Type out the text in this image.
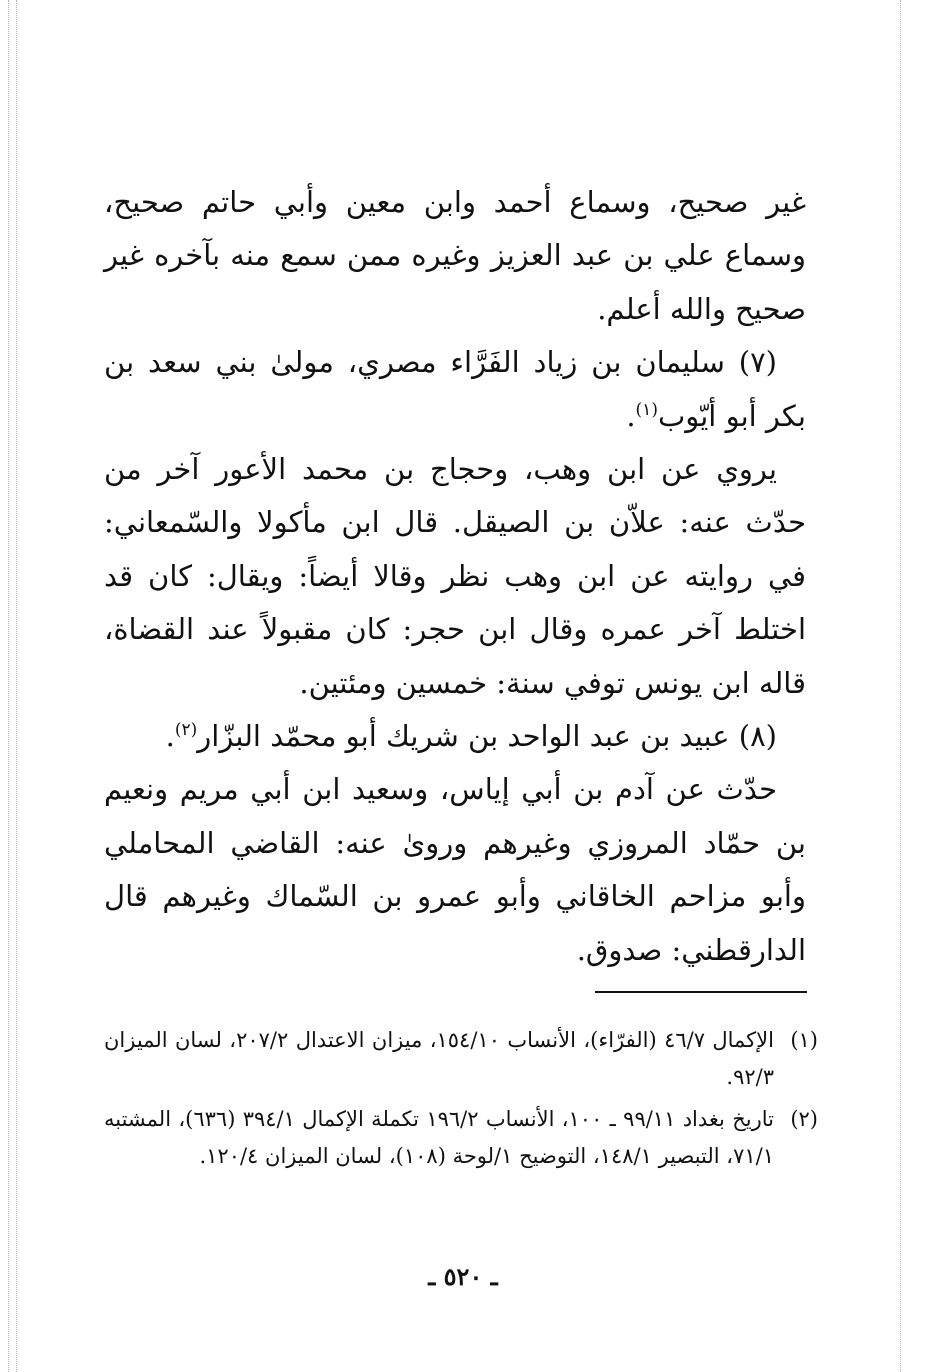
غير صحيح، وسماع أحمد وابن معين وأبي حاتم صحيح، وسماع علي بن عبد العزيز وغيره ممن سمع منه بآخره غير صحيح والله أعلم.

(٧) سليمان بن زياد الفَرَّاء مصري، مولىٰ بني سعد بن بكر أبو أيّوب$^{(١)}$.

يروي عن ابن وهب، وحجاج بن محمد الأعور آخر من حدّث عنه: علاّن بن الصيقل. قال ابن مأكولا والسّمعاني: في روايته عن ابن وهب نظر وقالا أيضاً: ويقال: كان قد اختلط آخر عمره وقال ابن حجر: كان مقبولاً عند القضاة، قاله ابن يونس توفي سنة: خمسين ومئتين.

(٨) عبيد بن عبد الواحد بن شريك أبو محمّد البزّار$^{(٢)}$.

حدّث عن آدم بن أبي إياس، وسعيد ابن أبي مريم ونعيم بن حمّاد المروزي وغيرهم وروىٰ عنه: القاضي المحاملي وأبو مزاحم الخاقاني وأبو عمرو بن السّماك وغيرهم قال الدارقطني: صدوق.

(١)
الإكمال ٤٦/٧ (الفرّاء)، الأنساب ١٥٤/١٠، ميزان الاعتدال ٢٠٧/٢، لسان الميزان ٩٢/٣.

(٢)
تاريخ بغداد ٩٩/١١ ـ ١٠٠، الأنساب ١٩٦/٢ تكملة الإكمال ٣٩٤/١ (٦٣٦)، المشتبه ٧١/١، التبصير ١٤٨/١، التوضيح ١/لوحة (١٠٨)، لسان الميزان ١٢٠/٤.

ـ ٥٢٠ ـ
